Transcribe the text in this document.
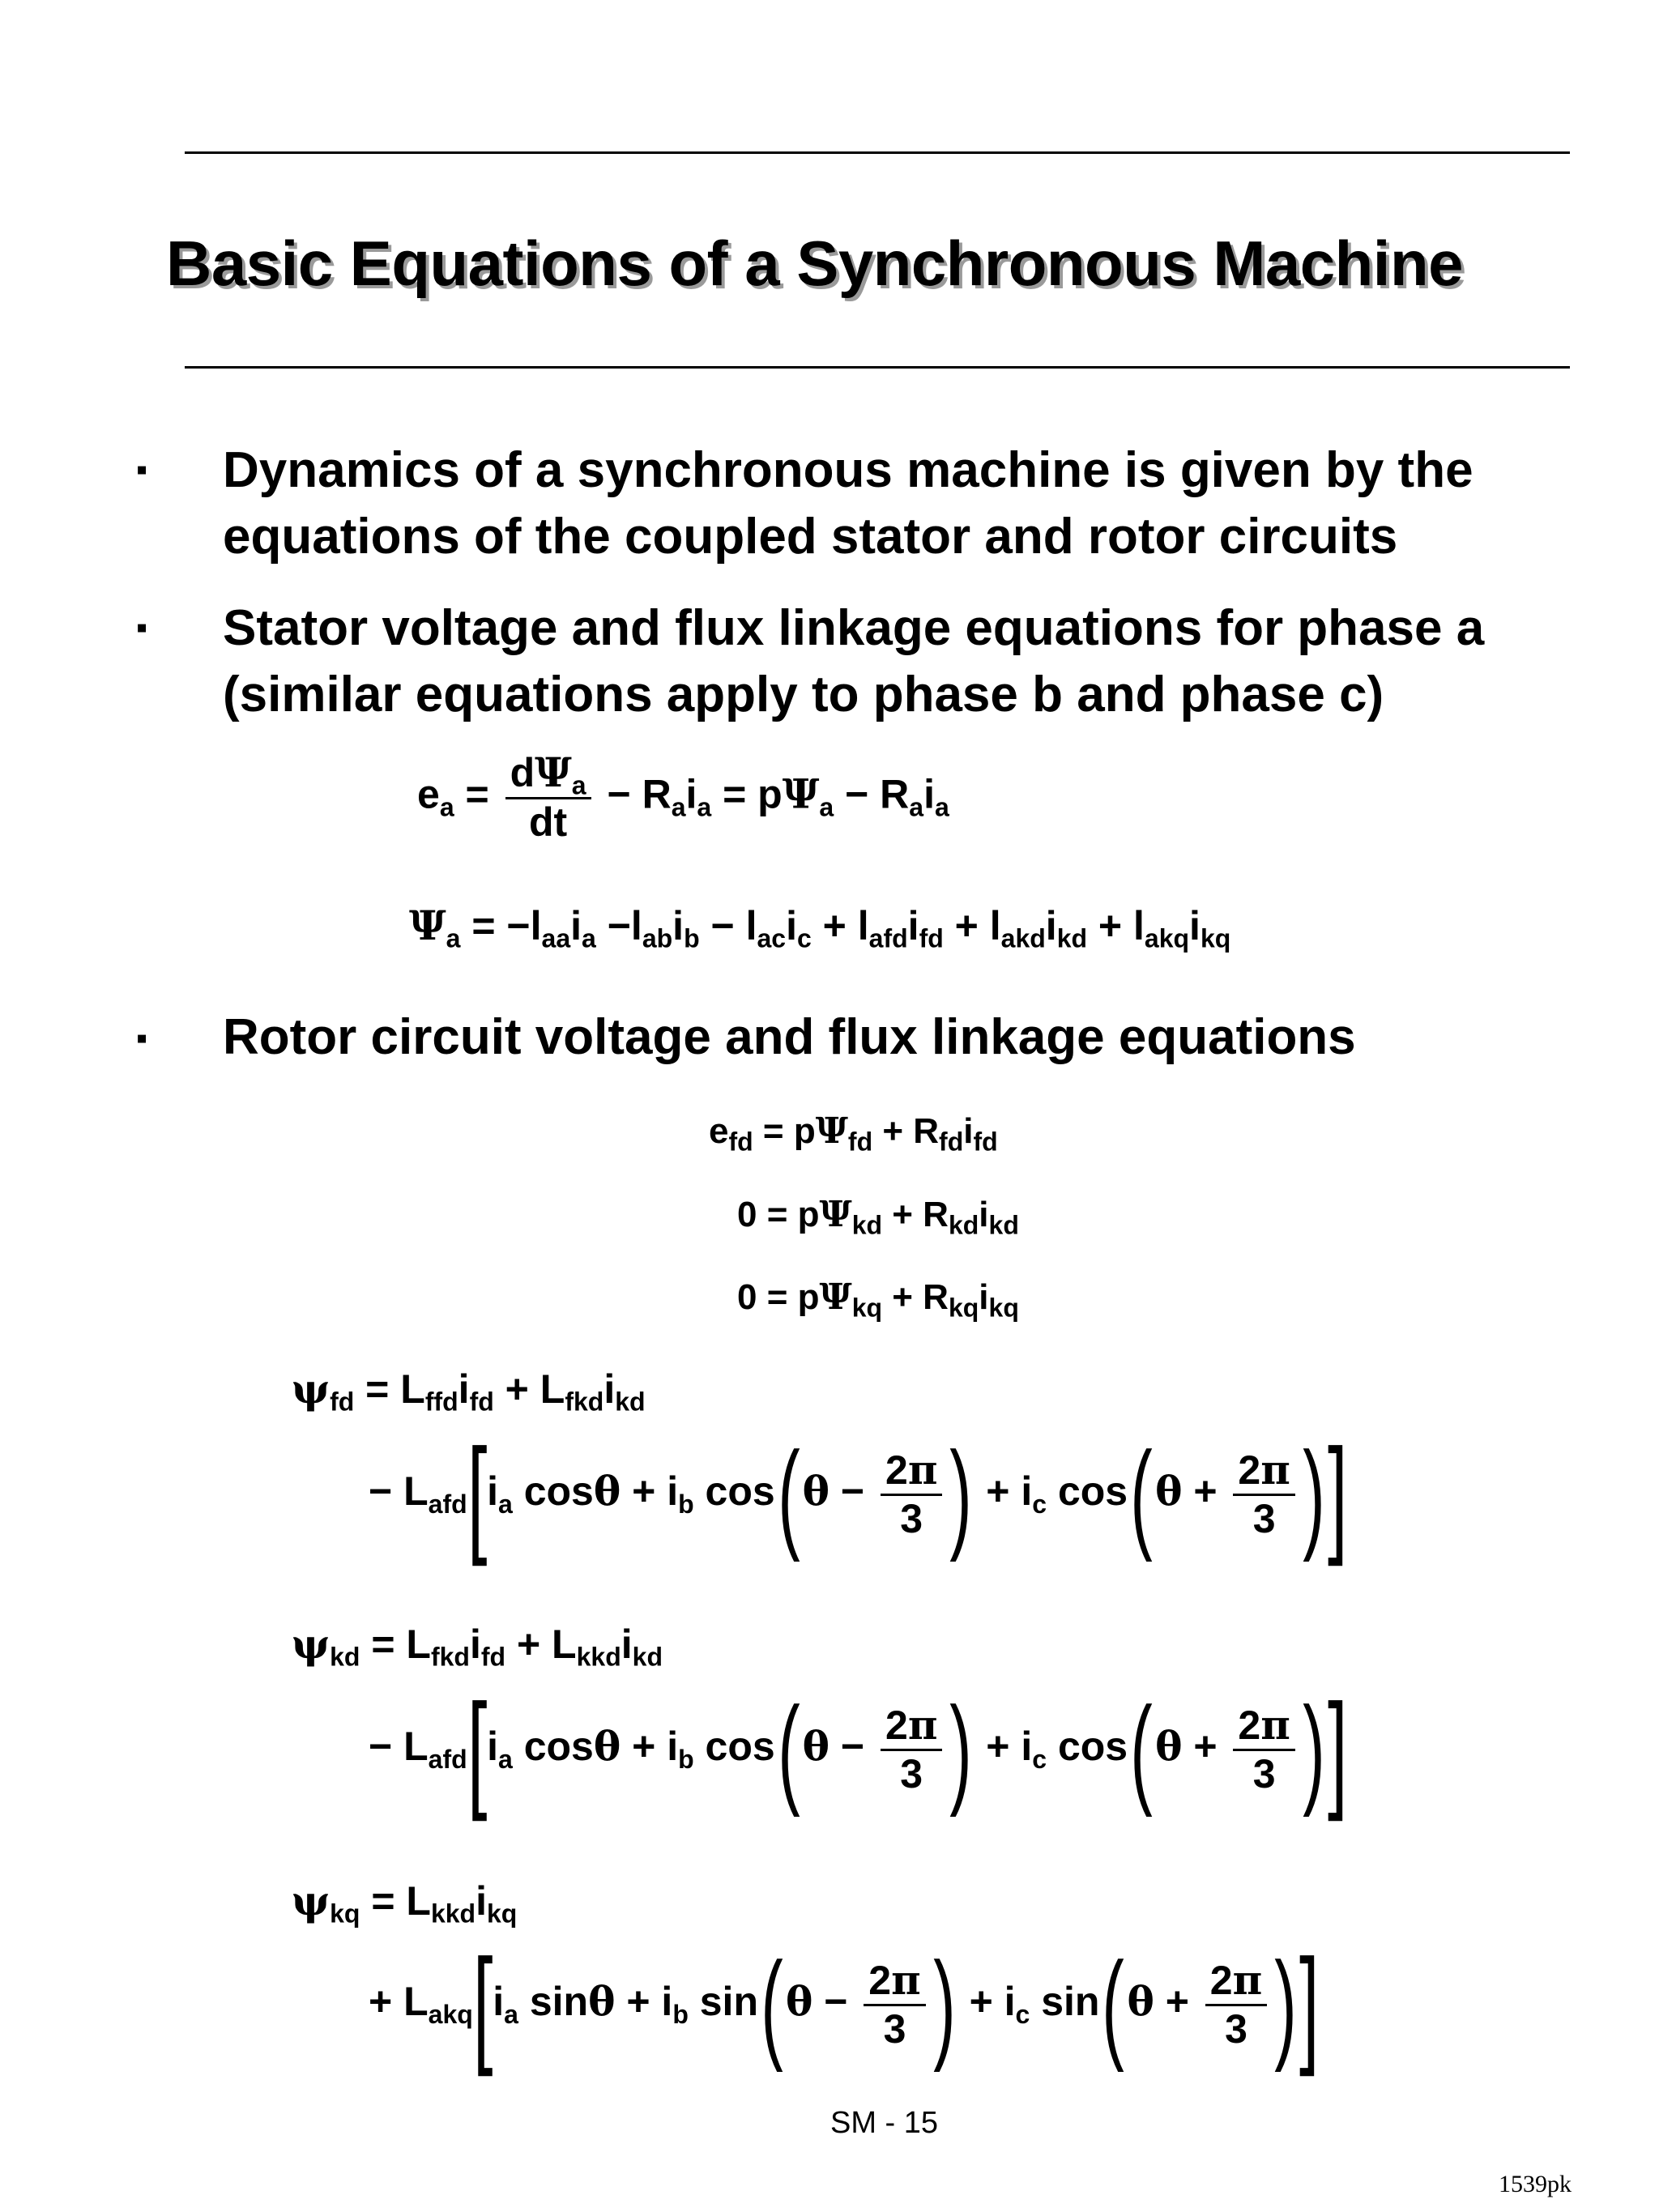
Basic Equations of a Synchronous Machine
▪ Dynamics of a synchronous machine is given by the
equations of the coupled stator and rotor circuits
▪ Stator voltage and flux linkage equations for phase a
(similar equations apply to phase b and phase c)
$e_a = \frac{d\Psi_a}{dt} - R_ai_a = p\Psi_a - R_ai_a$
$\Psi_a = -l_{aa}i_a -l_{ab}i_b - l_{ac}i_c + l_{afd}i_{fd} + l_{akd}i_{kd} + l_{akq}i_{kq}$
▪ Rotor circuit voltage and flux linkage equations
$e_{fd} = p\Psi_{fd} + R_{fd}i_{fd}$
$0 = p\Psi_{kd} + R_{kd}i_{kd}$
$0 = p\Psi_{kq} + R_{kq}i_{kq}$
$\psi_{fd} = L_{ffd}i_{fd} + L_{fkd}i_{kd}$
− $L_{afd}[i_a$ $\cos\theta + i_b$ $\cos(\theta - \frac{2\pi}{3}$ ) + $i_c$ $\cos(\theta + \frac{2\pi}{3}$ )]
$\psi_{kd} = L_{fkd}i_{fd} + L_{kkd}i_{kd}$
− $L_{afd}[i_a$ $\cos\theta + i_b$ $\cos(\theta - \frac{2\pi}{3}$ ) + $i_c$ $\cos(\theta + \frac{2\pi}{3}$ )]
$\psi_{kq} = L_{kkd}i_{kq}$
+ $L_{akq}[i_a$ $\sin\theta + i_b$ $\sin(\theta - \frac{2\pi}{3}$ ) + $i_c$ $\sin(\theta + \frac{2\pi}{3}$ )]
SM - 15
1539pk
